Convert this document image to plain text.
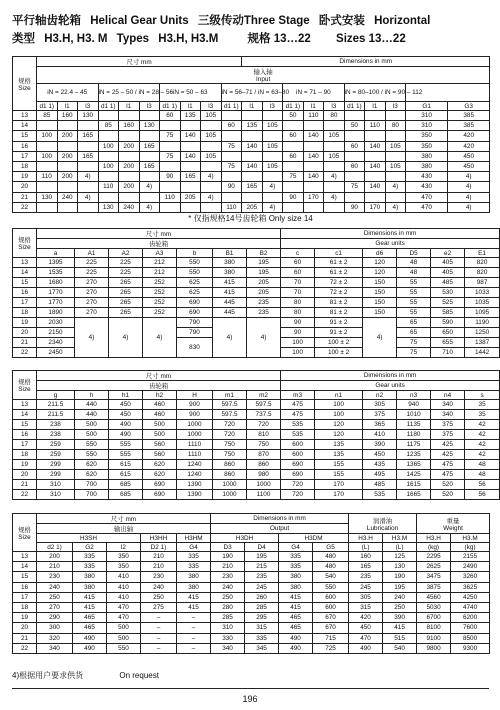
平行轴齿轮箱 Helical Gear Units 三级传动Three Stage 卧式安装 Horizontal
类型 H3.H, H3. M Types H3.H, H3.M	规格 13…22 Sizes 13…22
规格
Size	尺寸 mm										Dimensions in mm									
	输入轴
Input																			
	iN = 22.4 – 45			iN = 25 – 50 / iN = 28 – 56			iN = 50 – 63			iN = 56–71 / iN = 63–80			iN = 71 – 90			iN = 80–100 / iN = 90 – 112				
	d1 1)	l1	l3	d1 1)	l1	l3	d1 1)	l1	l3	d1 1)	l1	l3	d1 1)	l1	l3	d1 1)	l1	l3	G1	G3
13	85	160	130				60	135	105				50	110	80				310	385
14				85	160	130				60	135	105				50	110	80	310	385
15	100	200	165				75	140	105				60	140	105				350	420
16				100	200	165				75	140	105				60	140	105	350	420
17	100	200	165				75	140	105				60	140	105				380	450
18				100	200	165				75	140	105				60	140	105	380	450
19	110	200	4)				90	165	4)				75	140	4)				430	4)
20				110	200	4)				90	165	4)				75	140	4)	430	4)
21	130	240	4)				110	205	4)				90	170	4)				470	4)
22				130	240	4)				110	205	4)				90	170	4)	470	4)
* 仅指规格14号齿轮箱 Only size 14
规格
Size	尺寸 mm							Dimensions in mm					
	齿轮箱							Gear units					
	a	A1	A2	A3	b	B1	B2	c	c1	d6	D5	e2	E1
13	1395	225	225	212	550	380	195	60	61 ± 2	120	48	405	820
14	1535	225	225	212	550	380	195	60	61 ± 2	120	48	405	820
15	1680	270	265	252	625	415	205	70	72 ± 2	150	55	485	987
16	1770	270	265	252	625	415	205	70	72 ± 2	150	55	530	1033
17	1770	270	265	252	690	445	235	80	81 ± 2	150	55	525	1035
18	1890	270	265	252	690	445	235	80	81 ± 2	150	55	585	1095
19	2030	4)	4)	4)	790	4)	4)	90	91 ± 2	4)	65	590	1190
20	2150				790			90	91 ± 2		65	650	1250
21	2340				830			100	100 ± 2		75	655	1387
22	2450							100	100 ± 2		75	710	1442
规格
Size	尺寸 mm							Dimensions in mm					
	齿轮箱							Gear units					
	g	h	h1	h2	H	m1	m2	m3	n1	n2	n3	n4	s
13	211.5	440	450	460	900	597.5	597.5	475	100	305	940	340	35
14	211.5	440	450	460	900	597.5	737.5	475	100	375	1010	340	35
15	238	500	490	500	1000	720	720	535	120	365	1135	375	42
16	238	500	490	500	1000	720	810	535	120	410	1180	375	42
17	259	550	555	560	1110	750	750	600	135	390	1175	425	42
18	259	550	555	560	1110	750	870	600	135	450	1235	425	42
19	299	620	615	620	1240	860	860	690	155	435	1365	475	48
20	299	620	615	620	1240	860	980	690	155	495	1425	475	48
21	310	700	685	690	1390	1000	1000	720	170	485	1615	520	56
22	310	700	685	690	1390	1000	1100	720	170	535	1665	520	56
规格
Size	尺寸 mm					Dimensions in mm				润滑油
Lubrication		重量
Weight	
	输出轴					Output							
	H3SH			H3HH	H3HM	H3DH		H3DM		H3.H	H3.M	H3.H	H3.M
	d2 1)	G2	l2	D2 1)	G4	D3	D4	G4	G5	(L)	(L)	(kg)	(kg)
13	200	335	350	210	335	190	195	335	480	160	125	2295	2155
14	210	335	350	210	335	210	215	335	480	165	130	2625	2490
15	230	380	410	230	380	230	235	380	540	235	190	3475	3260
16	240	380	410	240	380	240	245	380	550	245	195	3875	3625
17	250	415	410	250	415	250	260	415	600	305	240	4560	4250
18	270	415	470	275	415	280	285	415	600	315	250	5030	4740
19	290	465	470	–	–	285	295	465	670	420	390	6700	6200
20	300	465	500	–	–	310	315	465	670	450	415	8100	7600
21	320	490	500	–	–	330	335	490	715	470	515	9100	8500
22	340	490	550	–	–	340	345	490	725	490	540	9800	9300
4)根据用户要求供货	On request
196
